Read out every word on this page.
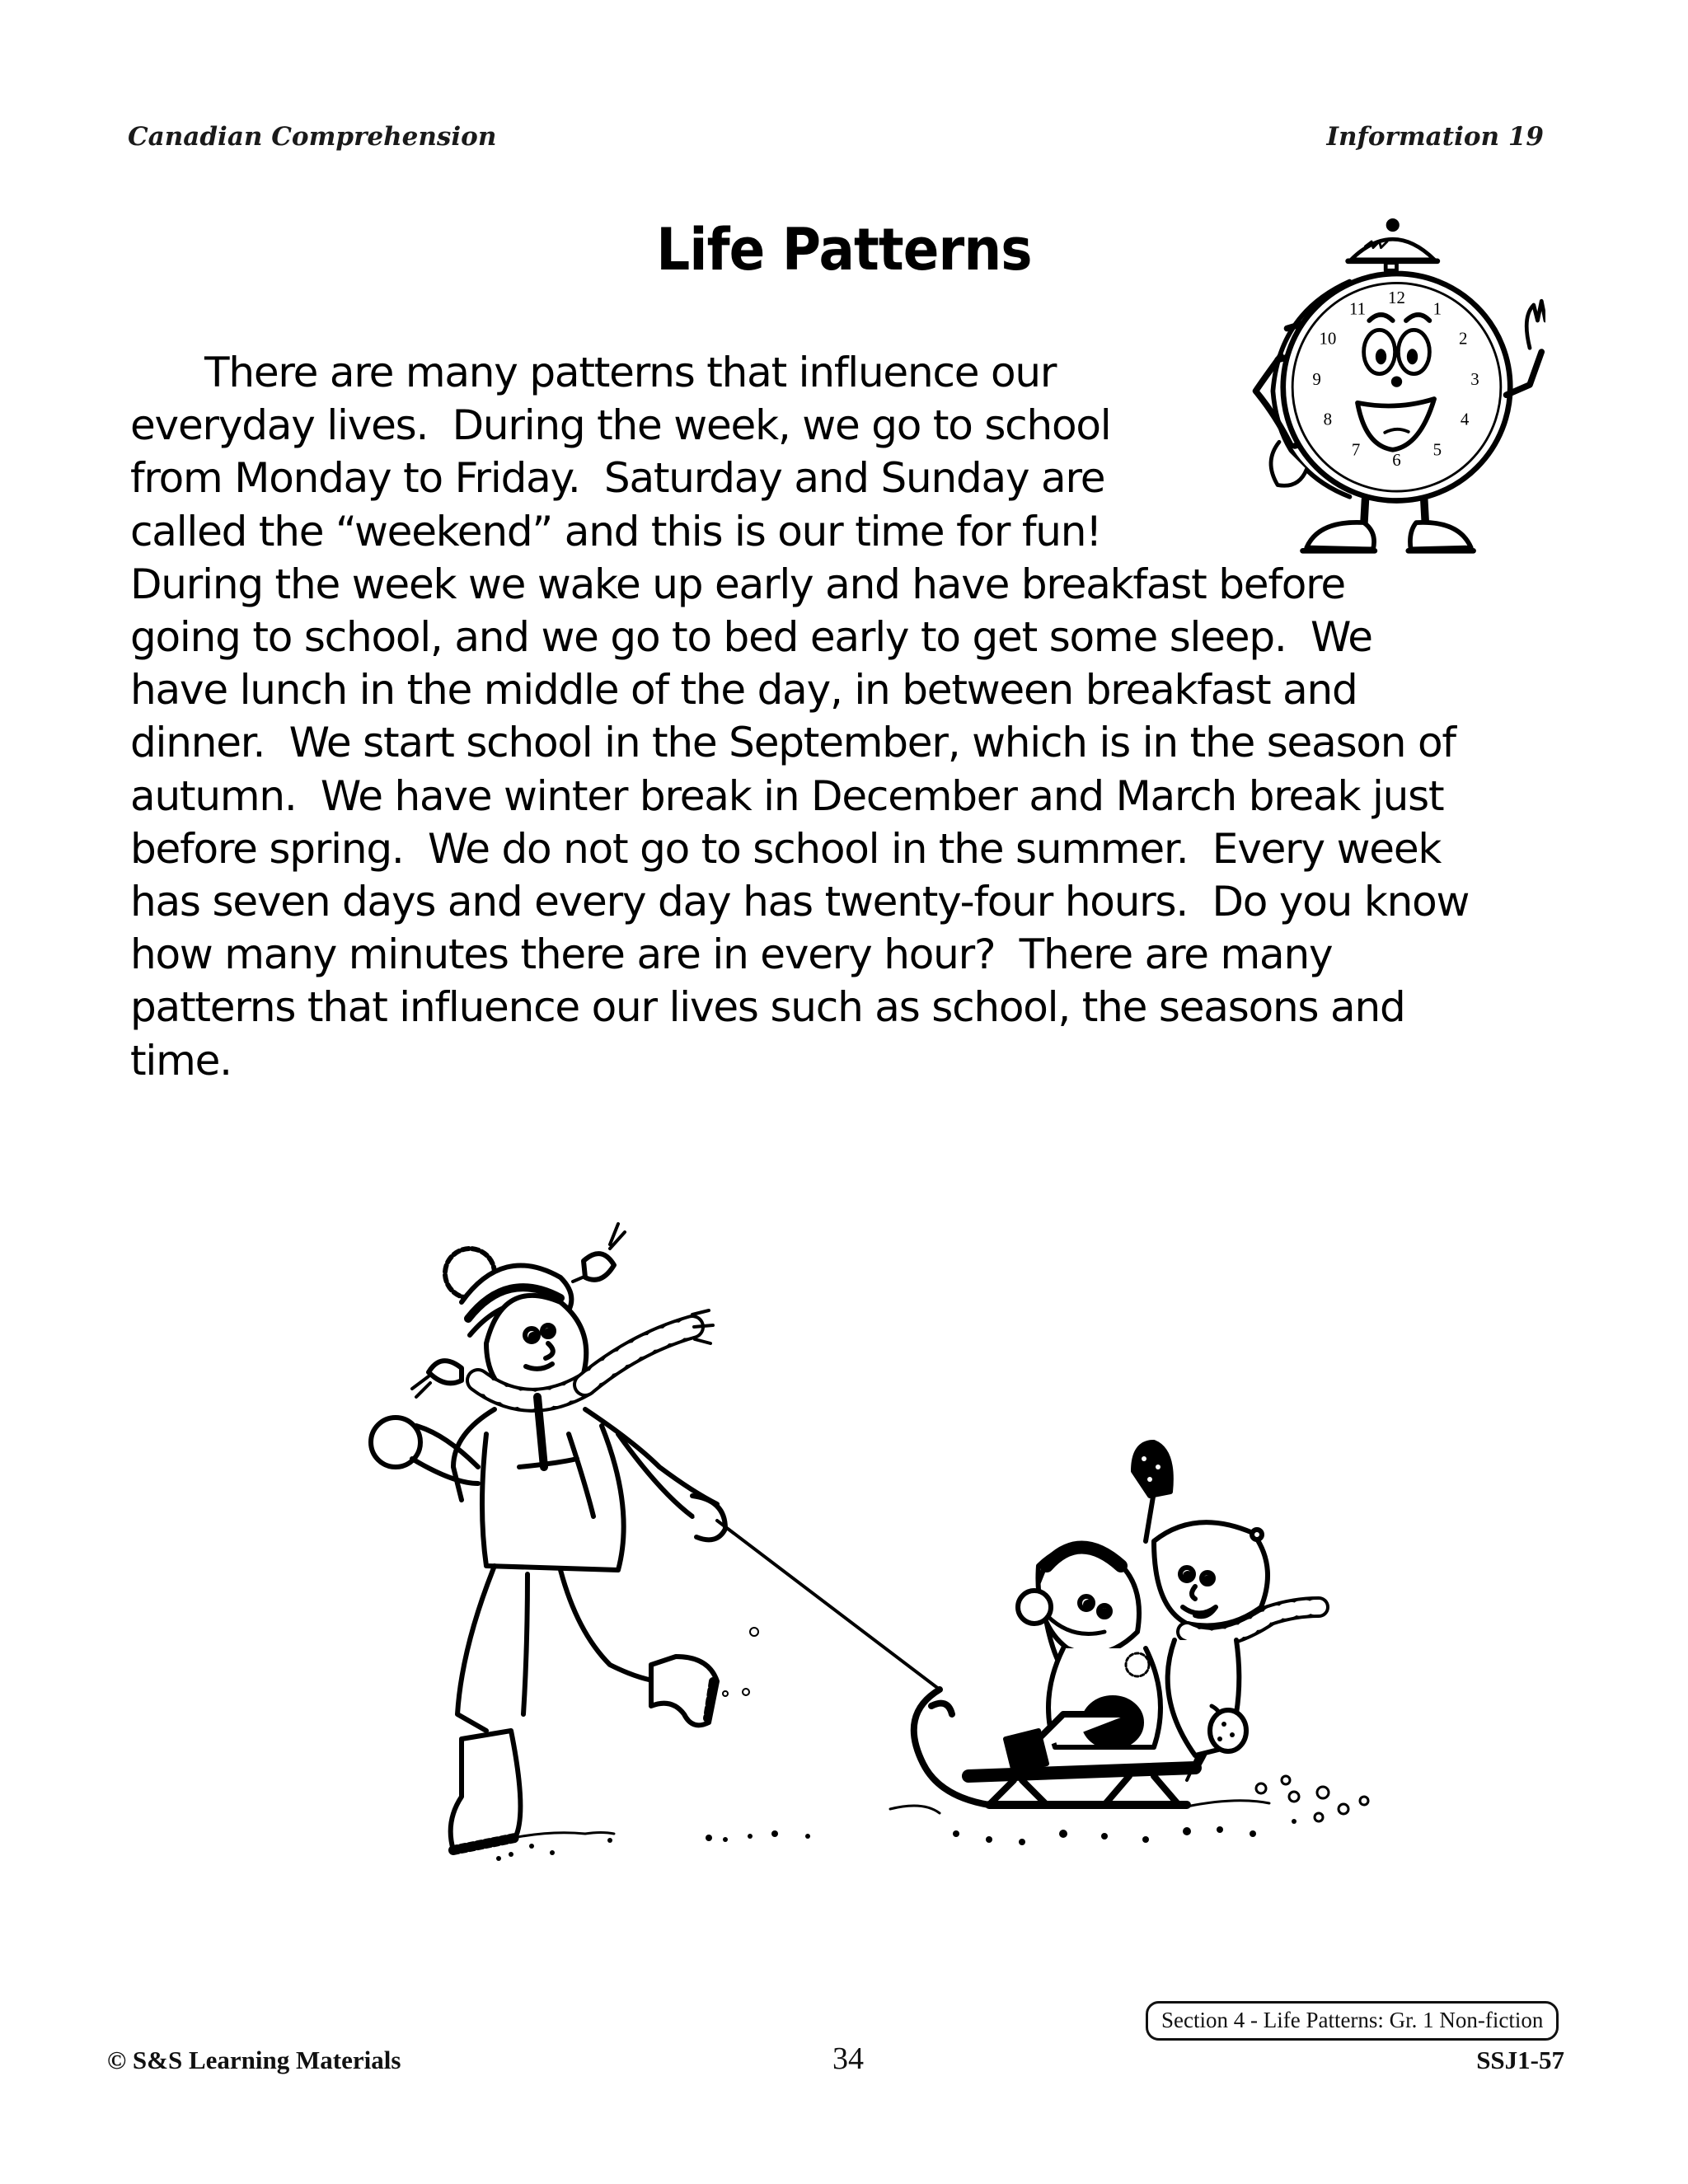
Canadian Comprehension	Information 19
Life Patterns
12
1
2
3
4
5
6
7
8
9
10
11
There are many patterns that influence our
everyday lives.  During the week, we go to school
from Monday to Friday.  Saturday and Sunday are
called the “weekend” and this is our time for fun!
During the week we wake up early and have breakfast before
going to school, and we go to bed early to get some sleep.  We
have lunch in the middle of the day, in between breakfast and
dinner.  We start school in the September, which is in the season of
autumn.  We have winter break in December and March break just
before spring.  We do not go to school in the summer.  Every week
has seven days and every day has twenty-four hours.  Do you know
how many minutes there are in every hour?  There are many
patterns that influence our lives such as school, the seasons and
time.
Section 4 - Life Patterns: Gr. 1 Non-fiction
© S&S Learning Materials	34	SSJ1-57
